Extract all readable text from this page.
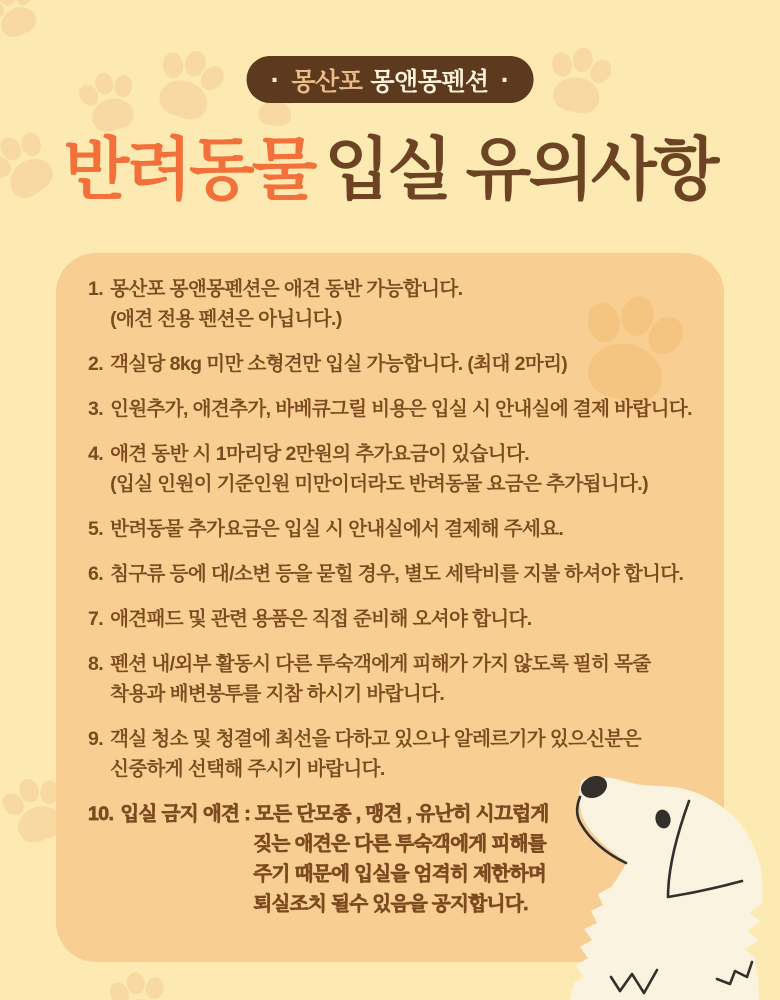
· 몽산포 몽앤몽펜션 ·
반려동물 입실 유의사항
1. 몽산포 몽앤몽펜션은 애견 동반 가능합니다.
(애견 전용 펜션은 아닙니다.)
2. 객실당 8kg 미만 소형견만 입실 가능합니다. (최대 2마리)
3. 인원추가, 애견추가, 바베큐그릴 비용은 입실 시 안내실에 결제 바랍니다.
4. 애견 동반 시 1마리당 2만원의 추가요금이 있습니다.
(입실 인원이 기준인원 미만이더라도 반려동물 요금은 추가됩니다.)
5. 반려동물 추가요금은 입실 시 안내실에서 결제해 주세요.
6. 침구류 등에 대/소변 등을 묻힐 경우, 별도 세탁비를 지불 하셔야 합니다.
7. 애견패드 및 관련 용품은 직접 준비해 오셔야 합니다.
8. 펜션 내/외부 활동시 다른 투숙객에게 피해가 가지 않도록 필히 목줄
착용과 배변봉투를 지참 하시기 바랍니다.
9. 객실 청소 및 청결에 최선을 다하고 있으나 알레르기가 있으신분은
신중하게 선택해 주시기 바랍니다.
10. 입실 금지 애견 : 모든 단모종 , 맹견 , 유난히 시끄럽게
짖는 애견은 다른 투숙객에게 피해를
주기 때문에 입실을 엄격히 제한하며
퇴실조치 될수 있음을 공지합니다.
